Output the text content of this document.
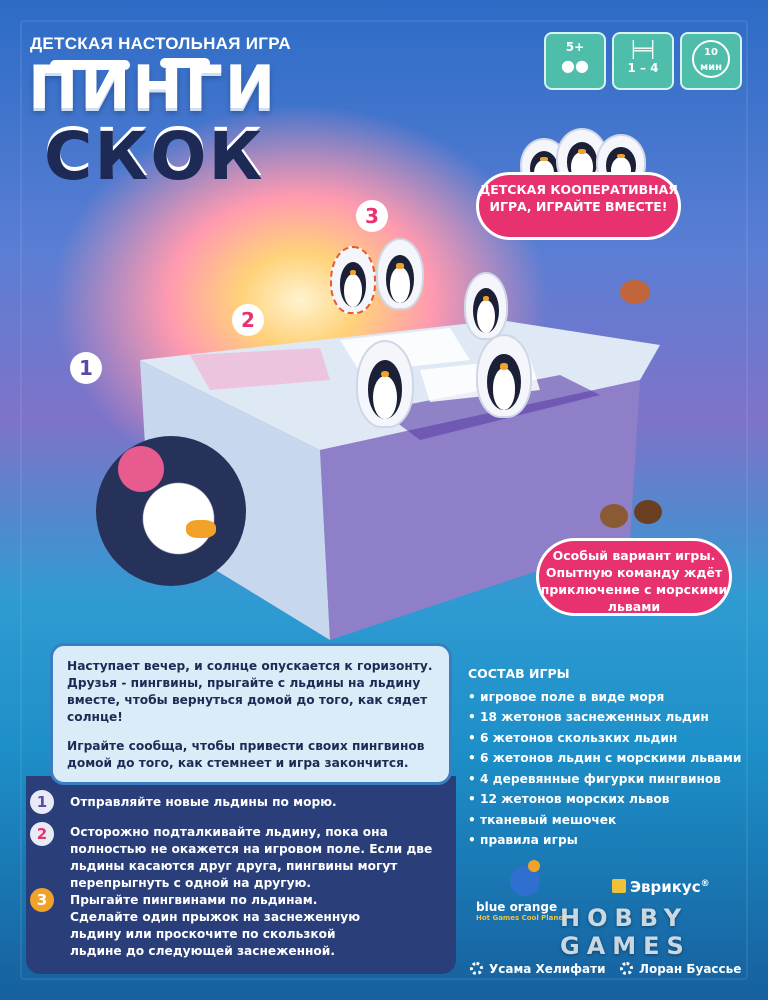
ДЕТСКАЯ НАСТОЛЬНАЯ ИГРА
ПИНГИ
СКОК
5+
●●
╞═╡
1 – 4
10 мин
ДЕТСКАЯ КООПЕРАТИВНАЯ ИГРА, ИГРАЙТЕ ВМЕСТЕ!
1
2
3
Особый вариант игры. Опытную команду ждёт приключение с морскими львами
Наступает вечер, и солнце опускается к горизонту. Друзья - пингвины, прыгайте с льдины на льдину вместе, чтобы вернуться домой до того, как сядет солнце!
Играйте сообща, чтобы привести своих пингвинов домой до того, как стемнеет и игра закончится.
1	Отправляйте новые льдины по морю.
2	Осторожно подталкивайте льдину, пока она полностью не окажется на игровом поле. Если две льдины касаются друг друга, пингвины могут перепрыгнуть с одной на другую.
3	Прыгайте пингвинами по льдинам. Сделайте один прыжок на заснеженную льдину или проскочите по скользкой льдине до следующей заснеженной.
СОСТАВ ИГРЫ
• игровое поле в виде моря
• 18 жетонов заснеженных льдин
• 6 жетонов скользких льдин
• 6 жетонов льдин с морскими львами
• 4 деревянные фигурки пингвинов
• 12 жетонов морских львов
• тканевый мешочек
• правила игры
blue orange
Hot Games Cool Planet
Эврикус®
HOBBY
GAMES
Усама Хелифати	Лоран Буассье
